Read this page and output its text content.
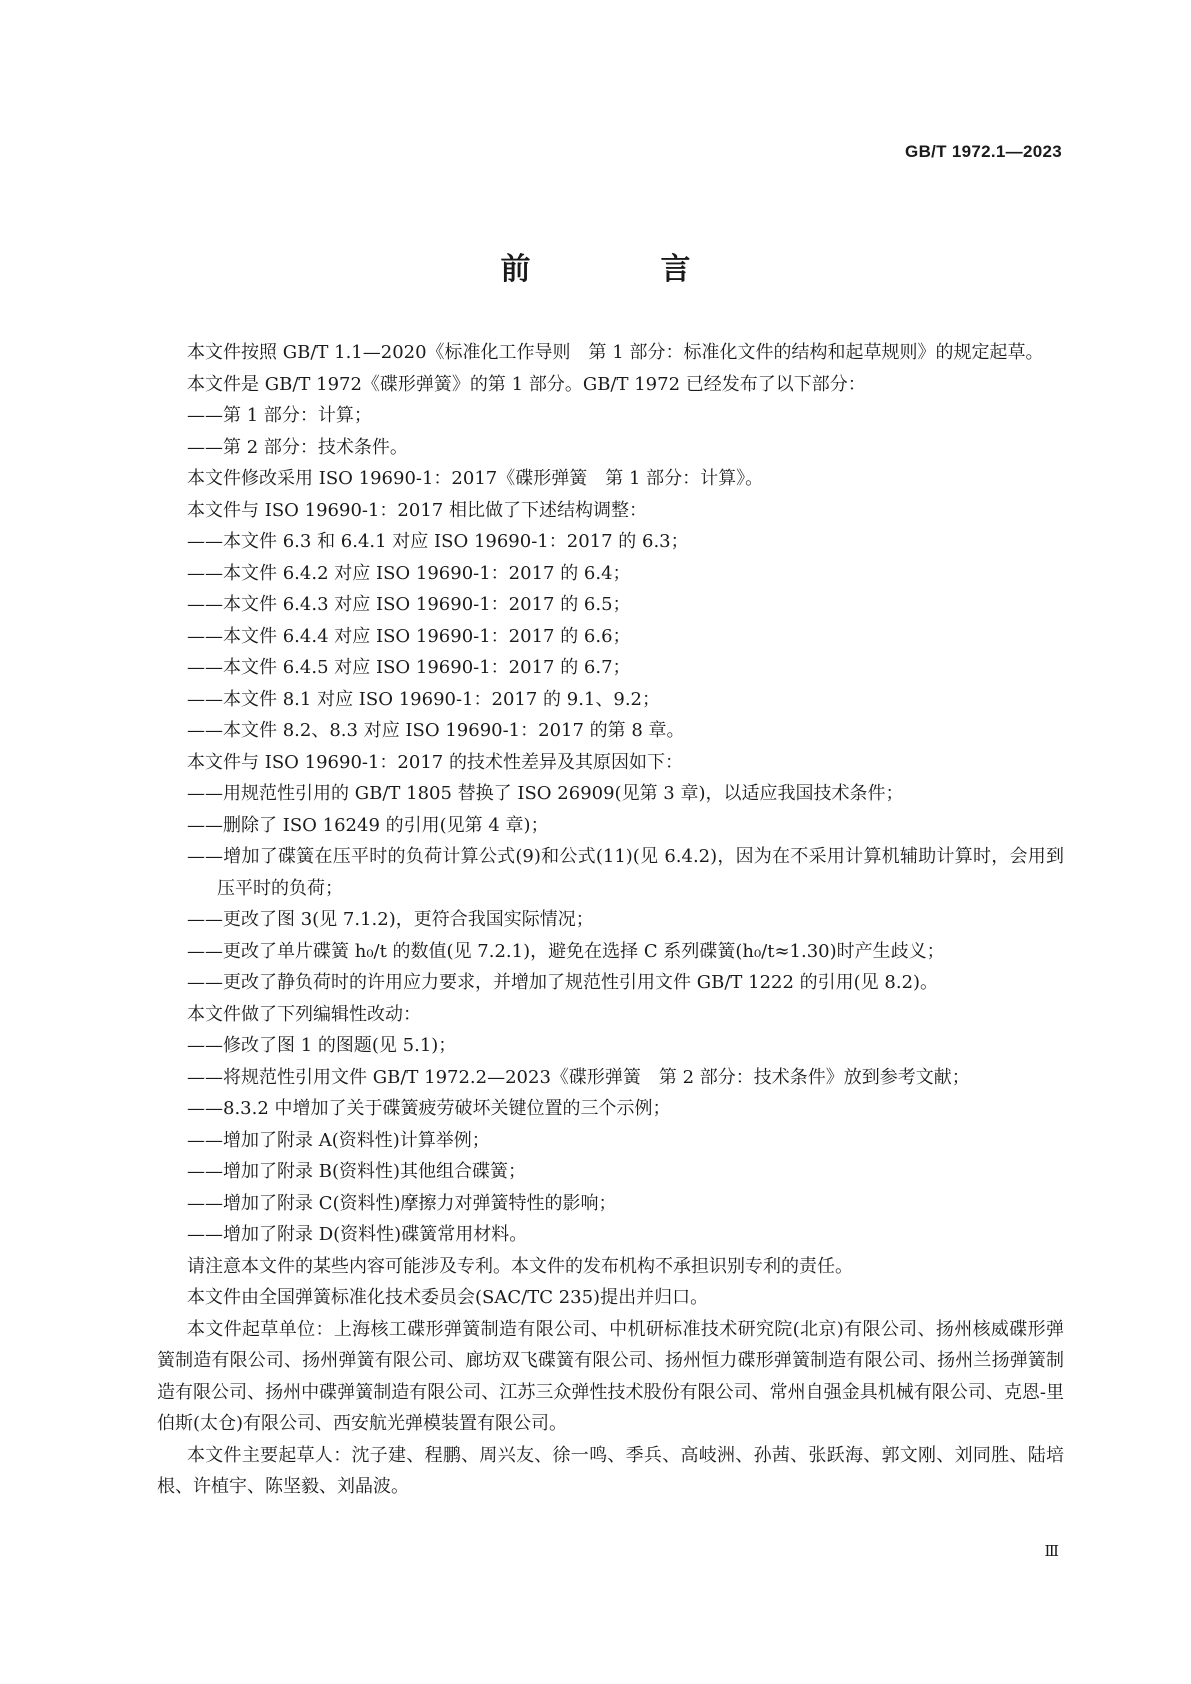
GB/T 1972.1—2023
前　言
本文件按照 GB/T 1.1—2020《标准化工作导则　第 1 部分：标准化文件的结构和起草规则》的规定起草。
本文件是 GB/T 1972《碟形弹簧》的第 1 部分。GB/T 1972 已经发布了以下部分：
——第 1 部分：计算；
——第 2 部分：技术条件。
本文件修改采用 ISO 19690-1：2017《碟形弹簧　第 1 部分：计算》。
本文件与 ISO 19690-1：2017 相比做了下述结构调整：
——本文件 6.3 和 6.4.1 对应 ISO 19690-1：2017 的 6.3；
——本文件 6.4.2 对应 ISO 19690-1：2017 的 6.4；
——本文件 6.4.3 对应 ISO 19690-1：2017 的 6.5；
——本文件 6.4.4 对应 ISO 19690-1：2017 的 6.6；
——本文件 6.4.5 对应 ISO 19690-1：2017 的 6.7；
——本文件 8.1 对应 ISO 19690-1：2017 的 9.1、9.2；
——本文件 8.2、8.3 对应 ISO 19690-1：2017 的第 8 章。
本文件与 ISO 19690-1：2017 的技术性差异及其原因如下：
——用规范性引用的 GB/T 1805 替换了 ISO 26909(见第 3 章)，以适应我国技术条件；
——删除了 ISO 16249 的引用(见第 4 章)；
——增加了碟簧在压平时的负荷计算公式(9)和公式(11)(见 6.4.2)，因为在不采用计算机辅助计算时，会用到压平时的负荷；
——更改了图 3(见 7.1.2)，更符合我国实际情况；
——更改了单片碟簧 h₀/t 的数值(见 7.2.1)，避免在选择 C 系列碟簧(h₀/t≈1.30)时产生歧义；
——更改了静负荷时的许用应力要求，并增加了规范性引用文件 GB/T 1222 的引用(见 8.2)。
本文件做了下列编辑性改动：
——修改了图 1 的图题(见 5.1)；
——将规范性引用文件 GB/T 1972.2—2023《碟形弹簧　第 2 部分：技术条件》放到参考文献；
——8.3.2 中增加了关于碟簧疲劳破坏关键位置的三个示例；
——增加了附录 A(资料性)计算举例；
——增加了附录 B(资料性)其他组合碟簧；
——增加了附录 C(资料性)摩擦力对弹簧特性的影响；
——增加了附录 D(资料性)碟簧常用材料。
请注意本文件的某些内容可能涉及专利。本文件的发布机构不承担识别专利的责任。
本文件由全国弹簧标准化技术委员会(SAC/TC 235)提出并归口。
本文件起草单位：上海核工碟形弹簧制造有限公司、中机研标准技术研究院(北京)有限公司、扬州核威碟形弹簧制造有限公司、扬州弹簧有限公司、廊坊双飞碟簧有限公司、扬州恒力碟形弹簧制造有限公司、扬州兰扬弹簧制造有限公司、扬州中碟弹簧制造有限公司、江苏三众弹性技术股份有限公司、常州自强金具机械有限公司、克恩-里伯斯(太仓)有限公司、西安航光弹模装置有限公司。
本文件主要起草人：沈子建、程鹏、周兴友、徐一鸣、季兵、高岐洲、孙茜、张跃海、郭文刚、刘同胜、陆培根、许植宇、陈坚毅、刘晶波。
Ⅲ
